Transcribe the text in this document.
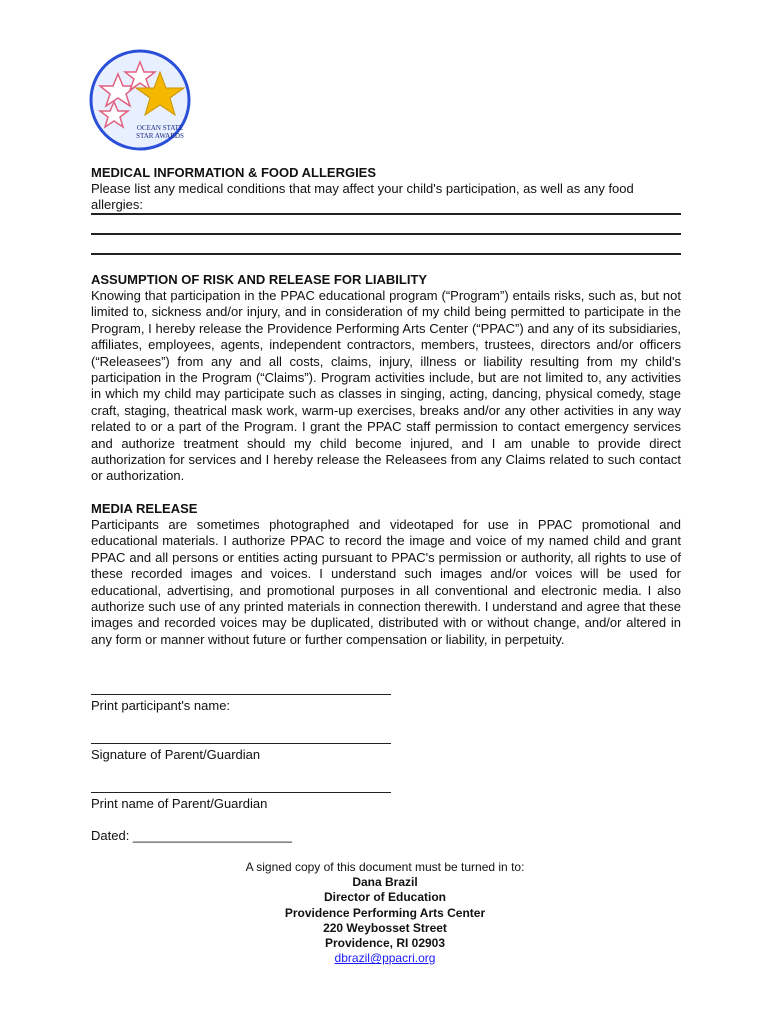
OCEAN STATE
STAR AWARDS

MEDICAL INFORMATION & FOOD ALLERGIES

Please list any medical conditions that may affect your child's participation, as well as any food allergies:

ASSUMPTION OF RISK AND RELEASE FOR LIABILITY

Knowing that participation in the PPAC educational program (“Program”) entails risks, such as, but not limited to, sickness and/or injury, and in consideration of my child being permitted to participate in the Program, I hereby release the Providence Performing Arts Center (“PPAC”) and any of its subsidiaries, affiliates, employees, agents, independent contractors, members, trustees, directors and/or officers (“Releasees”) from any and all costs, claims, injury, illness or liability resulting from my child's participation in the Program (“Claims”). Program activities include, but are not limited to, any activities in which my child may participate such as classes in singing, acting, dancing, physical comedy, stage craft, staging, theatrical mask work, warm-up exercises, breaks and/or any other activities in any way related to or a part of the Program. I grant the PPAC staff permission to contact emergency services and authorize treatment should my child become injured, and I am unable to provide direct authorization for services and I hereby release the Releasees from any Claims related to such contact or authorization.

MEDIA RELEASE

Participants are sometimes photographed and videotaped for use in PPAC promotional and educational materials. I authorize PPAC to record the image and voice of my named child and grant PPAC and all persons or entities acting pursuant to PPAC's permission or authority, all rights to use of these recorded images and voices. I understand such images and/or voices will be used for educational, advertising, and promotional purposes in all conventional and electronic media. I also authorize such use of any printed materials in connection therewith. I understand and agree that these images and recorded voices may be duplicated, distributed with or without change, and/or altered in any form or manner without future or further compensation or liability, in perpetuity.

Print participant's name:
Signature of Parent/Guardian
Print name of Parent/Guardian
Dated: ______________________
A signed copy of this document must be turned in to:
Dana Brazil
Director of Education
Providence Performing Arts Center
220 Weybosset Street
Providence, RI 02903
dbrazil@ppacri.org
